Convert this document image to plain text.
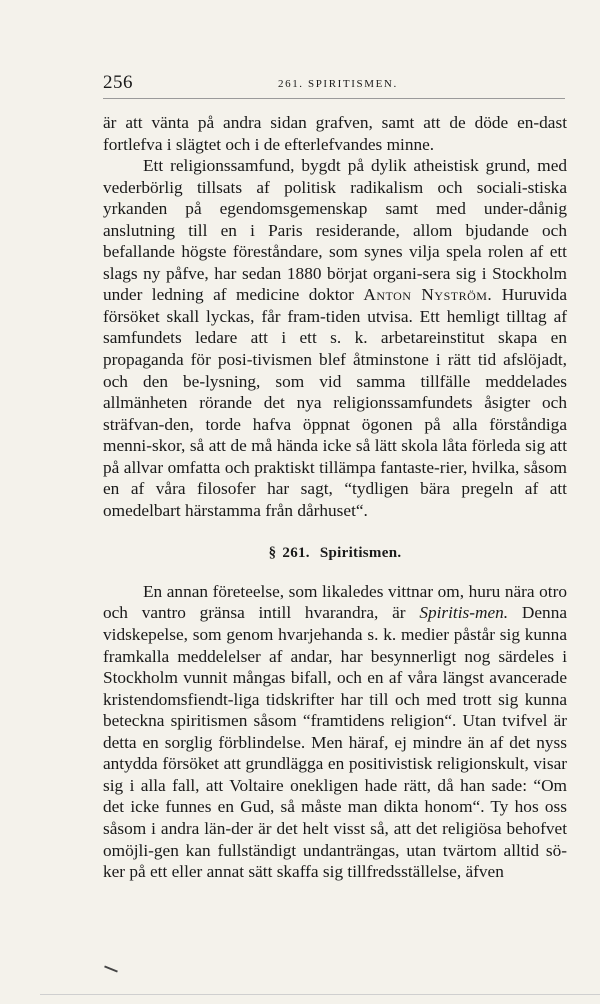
256	261. SPIRITISMEN.

är att vänta på andra sidan grafven, samt att de döde en-dast fortlefva i slägtet och i de efterlefvandes minne.

Ett religionssamfund, bygdt på dylik atheistisk grund, med vederbörlig tillsats af politisk radikalism och sociali-stiska yrkanden på egendomsgemenskap samt med under-dånig anslutning till en i Paris residerande, allom bjudande och befallande högste föreståndare, som synes vilja spela rolen af ett slags ny påfve, har sedan 1880 börjat organi-sera sig i Stockholm under ledning af medicine doktor Anton Nyström. Huruvida försöket skall lyckas, får fram-tiden utvisa. Ett hemligt tilltag af samfundets ledare att i ett s. k. arbetareinstitut skapa en propaganda för posi-tivismen blef åtminstone i rätt tid afslöjadt, och den be-lysning, som vid samma tillfälle meddelades allmänheten rörande det nya religionssamfundets åsigter och sträfvan-den, torde hafva öppnat ögonen på alla förståndiga menni-skor, så att de må hända icke så lätt skola låta förleda sig att på allvar omfatta och praktiskt tillämpa fantaste-rier, hvilka, såsom en af våra filosofer har sagt, “tydligen bära pregeln af att omedelbart härstamma från dårhuset“.

§ 261. Spiritismen.

En annan företeelse, som likaledes vittnar om, huru nära otro och vantro gränsa intill hvarandra, är Spiritis-men. Denna vidskepelse, som genom hvarjehanda s. k. medier påstår sig kunna framkalla meddelelser af andar, har besynnerligt nog särdeles i Stockholm vunnit mångas bifall, och en af våra längst avancerade kristendomsfiendt-liga tidskrifter har till och med trott sig kunna beteckna spiritismen såsom “framtidens religion“. Utan tvifvel är detta en sorglig förblindelse. Men häraf, ej mindre än af det nyss antydda försöket att grundlägga en positivistisk religionskult, visar sig i alla fall, att Voltaire onekligen hade rätt, då han sade: “Om det icke funnes en Gud, så måste man dikta honom“. Ty hos oss såsom i andra län-der är det helt visst så, att det religiösa behofvet omöjli-gen kan fullständigt undanträngas, utan tvärtom alltid sö-ker på ett eller annat sätt skaffa sig tillfredsställelse, äfven
